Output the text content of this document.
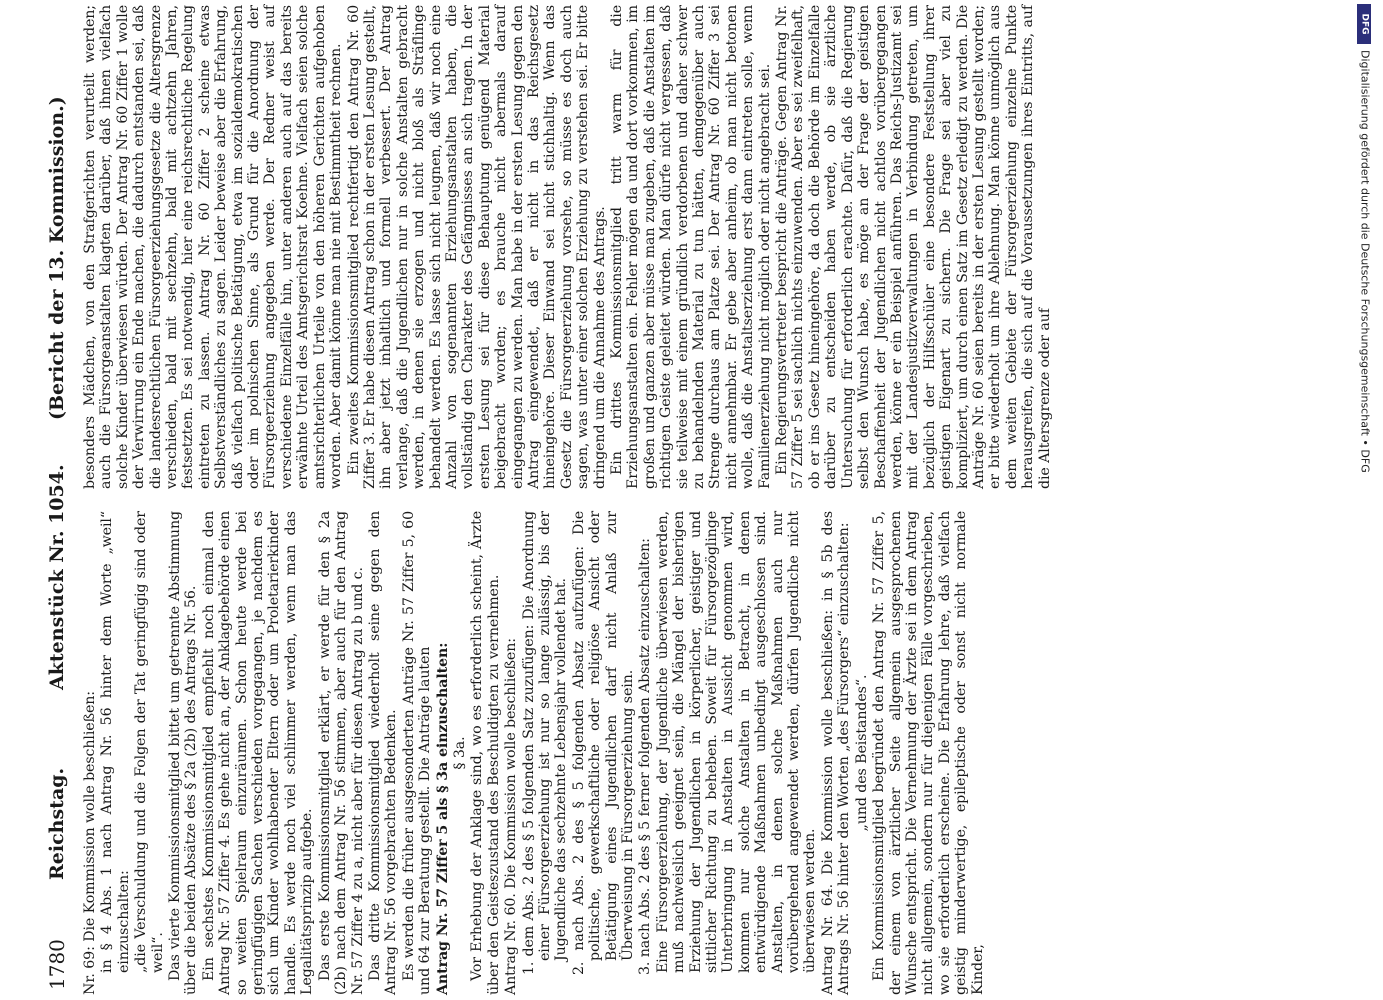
1780
Reichstag.
Aktenstück Nr. 1054.
(Bericht der 13. Kommission.)

Nr. 69: Die Kommission wolle beschließen: in § 4 Abs. 1 nach Antrag Nr. 56 hinter dem Worte „weil“ einzuschalten: „die Verschuldung und die Folgen der Tat geringfügig sind oder weil“. Das vierte Kommissionsmitglied bittet um getrennte Abstimmung über die beiden Absätze des § 2a (2b) des Antrags Nr. 56. Ein sechstes Kommissionsmitglied empfiehlt noch einmal den Antrag Nr. 57 Ziffer 4. Es gehe nicht an, der Anklagebehörde einen so weiten Spielraum einzuräumen. Schon heute werde bei geringfügigen Sachen verschieden vorgegangen, je nachdem es sich um Kinder wohlhabender Eltern oder um Proletarierkinder handle. Es werde noch viel schlimmer werden, wenn man das Legalitätsprinzip aufgebe. Das erste Kommissionsmitglied erklärt, er werde für den § 2a (2b) nach dem Antrag Nr. 56 stimmen, aber auch für den Antrag Nr. 57 Ziffer 4 zu a, nicht aber für diesen Antrag zu b und c. Das dritte Kommissionsmitglied wiederholt seine gegen den Antrag Nr. 56 vorgebrachten Bedenken. Es werden die früher ausgesonderten Anträge Nr. 57 Ziffer 5, 60 und 64 zur Beratung gestellt. Die Anträge lauten Antrag Nr. 57 Ziffer 5 als § 3a einzuschalten: § 3a. Vor Erhebung der Anklage sind, wo es erforderlich scheint, Ärzte über den Geisteszustand des Beschuldigten zu vernehmen. Antrag Nr. 60. Die Kommission wolle beschließen: 1. dem Abs. 2 des § 5 folgenden Satz zuzufügen: Die Anordnung einer Fürsorgeerziehung ist nur so lange zulässig, bis der Jugendliche das sechzehnte Lebensjahr vollendet hat. 2. nach Abs. 2 des § 5 folgenden Absatz aufzufügen: Die politische, gewerkschaftliche oder religiöse Ansicht oder Betätigung eines Jugendlichen darf nicht Anlaß zur Überweisung in Fürsorgeerziehung sein. 3. nach Abs. 2 des § 5 ferner folgenden Absatz einzuschalten: Eine Fürsorgeerziehung, der Jugendliche überwiesen werden, muß nachweislich geeignet sein, die Mängel der bisherigen Erziehung der Jugendlichen in körperlicher, geistiger und sittlicher Richtung zu beheben. Soweit für Fürsorgezöglinge Unterbringung in Anstalten in Aussicht genommen wird, kommen nur solche Anstalten in Betracht, in denen entwürdigende Maßnahmen unbedingt ausgeschlossen sind. Anstalten, in denen solche Maßnahmen auch nur vorübergehend angewendet werden, dürfen Jugendliche nicht überwiesen werden. Antrag Nr. 64. Die Kommission wolle beschließen: in § 5b des Antrags Nr. 56 hinter den Worten „des Fürsorgers“ einzuschalten: „und des Beistandes“. Ein Kommissionsmitglied begründet den Antrag Nr. 57 Ziffer 5, der einem von ärztlicher Seite allgemein ausgesprochenen Wunsche entspricht. Die Vernehmung der Ärzte sei in dem Antrag nicht allgemein, sondern nur für diejenigen Fälle vorgeschrieben, wo sie erforderlich erscheine. Die Erfahrung lehre, daß vielfach geistig minderwertige, epileptische oder sonst nicht normale Kinder,

besonders Mädchen, von den Strafgerichten verurteilt werden; auch die Fürsorgeanstalten klagten darüber, daß ihnen vielfach solche Kinder überwiesen würden. Der Antrag Nr. 60 Ziffer 1 wolle der Verwirrung ein Ende machen, die dadurch entstanden sei, daß die landesrechtlichen Fürsorgeerziehungsgesetze die Altersgrenze verschieden, bald mit sechzehn, bald mit achtzehn Jahren, festsetzten. Es sei notwendig, hier eine reichsrechtliche Regelung eintreten zu lassen. Antrag Nr. 60 Ziffer 2 scheine etwas Selbstverständliches zu sagen. Leider beweise aber die Erfahrung, daß vielfach politische Betätigung, etwa im sozialdemokratischen oder im polnischen Sinne, als Grund für die Anordnung der Fürsorgeerziehung angegeben werde. Der Redner weist auf verschiedene Einzelfälle hin, unter anderen auch auf das bereits erwähnte Urteil des Amtsgerichtsrat Koehne. Vielfach seien solche amtsrichterlichen Urteile von den höheren Gerichten aufgehoben worden. Aber damit könne man nie mit Bestimmtheit rechnen. Ein zweites Kommissionsmitglied rechtfertigt den Antrag Nr. 60 Ziffer 3. Er habe diesen Antrag schon in der ersten Lesung gestellt, ihn aber jetzt inhaltlich und formell verbessert. Der Antrag verlange, daß die Jugendlichen nur in solche Anstalten gebracht werden, in denen sie erzogen und nicht bloß als Sträflinge behandelt werden. Es lasse sich nicht leugnen, daß wir noch eine Anzahl von sogenannten Erziehungsanstalten haben, die vollständig den Charakter des Gefängnisses an sich tragen. In der ersten Lesung sei für diese Behauptung genügend Material beigebracht worden; es brauche nicht abermals darauf eingegangen zu werden. Man habe in der ersten Lesung gegen den Antrag eingewendet, daß er nicht in das Reichsgesetz hineingehöre. Dieser Einwand sei nicht stichhaltig. Wenn das Gesetz die Fürsorgeerziehung vorsehe, so müsse es doch auch sagen, was unter einer solchen Erziehung zu verstehen sei. Er bitte dringend um die Annahme des Antrags. Ein drittes Kommissionsmitglied tritt warm für die Erziehungsanstalten ein. Fehler mögen da und dort vorkommen, im großen und ganzen aber müsse man zugeben, daß die Anstalten im richtigen Geiste geleitet würden. Man dürfe nicht vergessen, daß sie teilweise mit einem gründlich verdorbenen und daher schwer zu behandelnden Material zu tun hätten, demgegenüber auch Strenge durchaus am Platze sei. Der Antrag Nr. 60 Ziffer 3 sei nicht annehmbar. Er gebe aber anheim, ob man nicht betonen wolle, daß die Anstaltserziehung erst dann eintreten solle, wenn Familienerziehung nicht möglich oder nicht angebracht sei. Ein Regierungsvertreter bespricht die Anträge. Gegen Antrag Nr. 57 Ziffer 5 sei sachlich nichts einzuwenden. Aber es sei zweifelhaft, ob er ins Gesetz hineingehöre, da doch die Behörde im Einzelfalle darüber zu entscheiden haben werde, ob sie ärztliche Untersuchung für erforderlich erachte. Dafür, daß die Regierung selbst den Wunsch habe, es möge an der Frage der geistigen Beschaffenheit der Jugendlichen nicht achtlos vorübergegangen werden, könne er ein Beispiel anführen. Das Reichs-Justizamt sei mit der Landesjustizverwaltungen in Verbindung getreten, um bezüglich der Hilfsschüler eine besondere Feststellung ihrer geistigen Eigenart zu sichern. Die Frage sei aber viel zu kompliziert, um durch einen Satz im Gesetz erledigt zu werden. Die Anträge Nr. 60 seien bereits in der ersten Lesung gestellt worden; er bitte wiederholt um ihre Ablehnung. Man könne unmöglich aus dem weiten Gebiete der Fürsorgeerziehung einzelne Punkte herausgreifen, die sich auf die Voraussetzungen ihres Eintritts, auf die Altersgrenze oder auf

DFG
Digitalisierung gefördert durch die Deutsche Forschungsgemeinschaft • DFG
